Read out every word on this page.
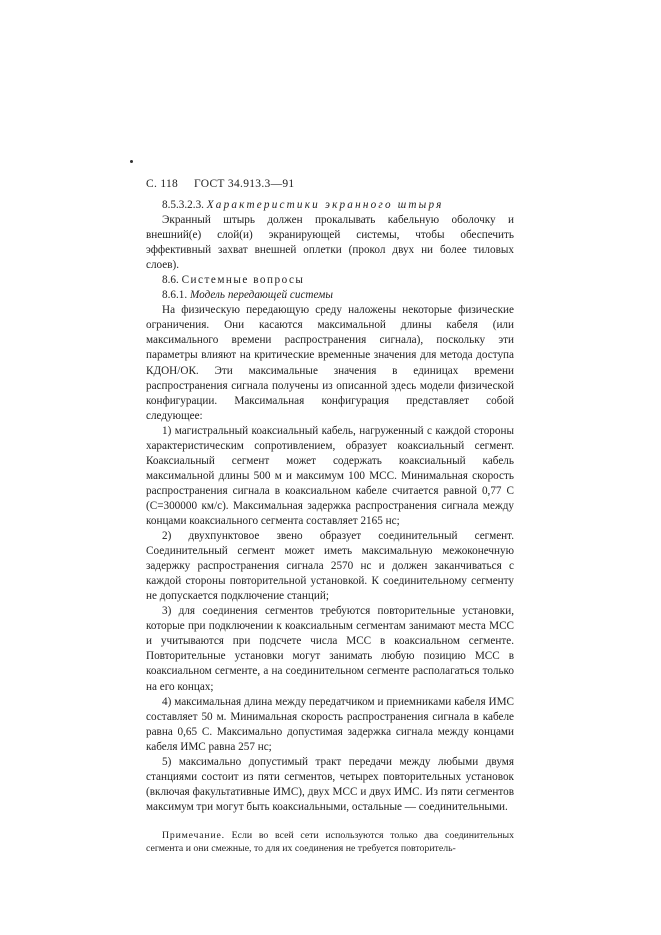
С. 118 ГОСТ 34.913.3—91

8.5.3.2.3. Характеристики экранного штыря

Экранный штырь должен прокалывать кабельную оболочку и внешний(е) слой(и) экранирующей системы, чтобы обеспечить эффективный захват внешней оплетки (прокол двух ни более тиловых слоев).

8.6. Системные вопросы

8.6.1. Модель передающей системы

На физическую передающую среду наложены некоторые физические ограничения. Они касаются максимальной длины кабеля (или максимального времени распространения сигнала), поскольку эти параметры влияют на критические временные значения для метода доступа КДОН/ОК. Эти максимальные значения в единицах времени распространения сигнала получены из описанной здесь модели физической конфигурации. Максимальная конфигурация представляет собой следующее:

1) магистральный коаксиальный кабель, нагруженный с каждой стороны характеристическим сопротивлением, образует коаксиальный сегмент. Коаксиальный сегмент может содержать коаксиальный кабель максимальной длины 500 м и максимум 100 МСС. Минимальная скорость распространения сигнала в коаксиальном кабеле считается равной 0,77 С (С=300000 км/с). Максимальная задержка распространения сигнала между концами коаксиального сегмента составляет 2165 нс;

2) двухпунктовое звено образует соединительный сегмент. Соединительный сегмент может иметь максимальную межоконечную задержку распространения сигнала 2570 нс и должен заканчиваться с каждой стороны повторительной установкой. К соединительному сегменту не допускается подключение станций;

3) для соединения сегментов требуются повторительные установки, которые при подключении к коаксиальным сегментам занимают места МСС и учитываются при подсчете числа МСС в коаксиальном сегменте. Повторительные установки могут занимать любую позицию МСС в коаксиальном сегменте, а на соединительном сегменте располагаться только на его концах;

4) максимальная длина между передатчиком и приемниками кабеля ИМС составляет 50 м. Минимальная скорость распространения сигнала в кабеле равна 0,65 С. Максимально допустимая задержка сигнала между концами кабеля ИМС равна 257 нс;

5) максимально допустимый тракт передачи между любыми двумя станциями состоит из пяти сегментов, четырех повторительных установок (включая факультативные ИМС), двух МСС и двух ИМС. Из пяти сегментов максимум три могут быть коаксиальными, остальные — соединительными.

Примечание. Если во всей сети используются только два соединительных сегмента и они смежные, то для их соединения не требуется повторитель-
